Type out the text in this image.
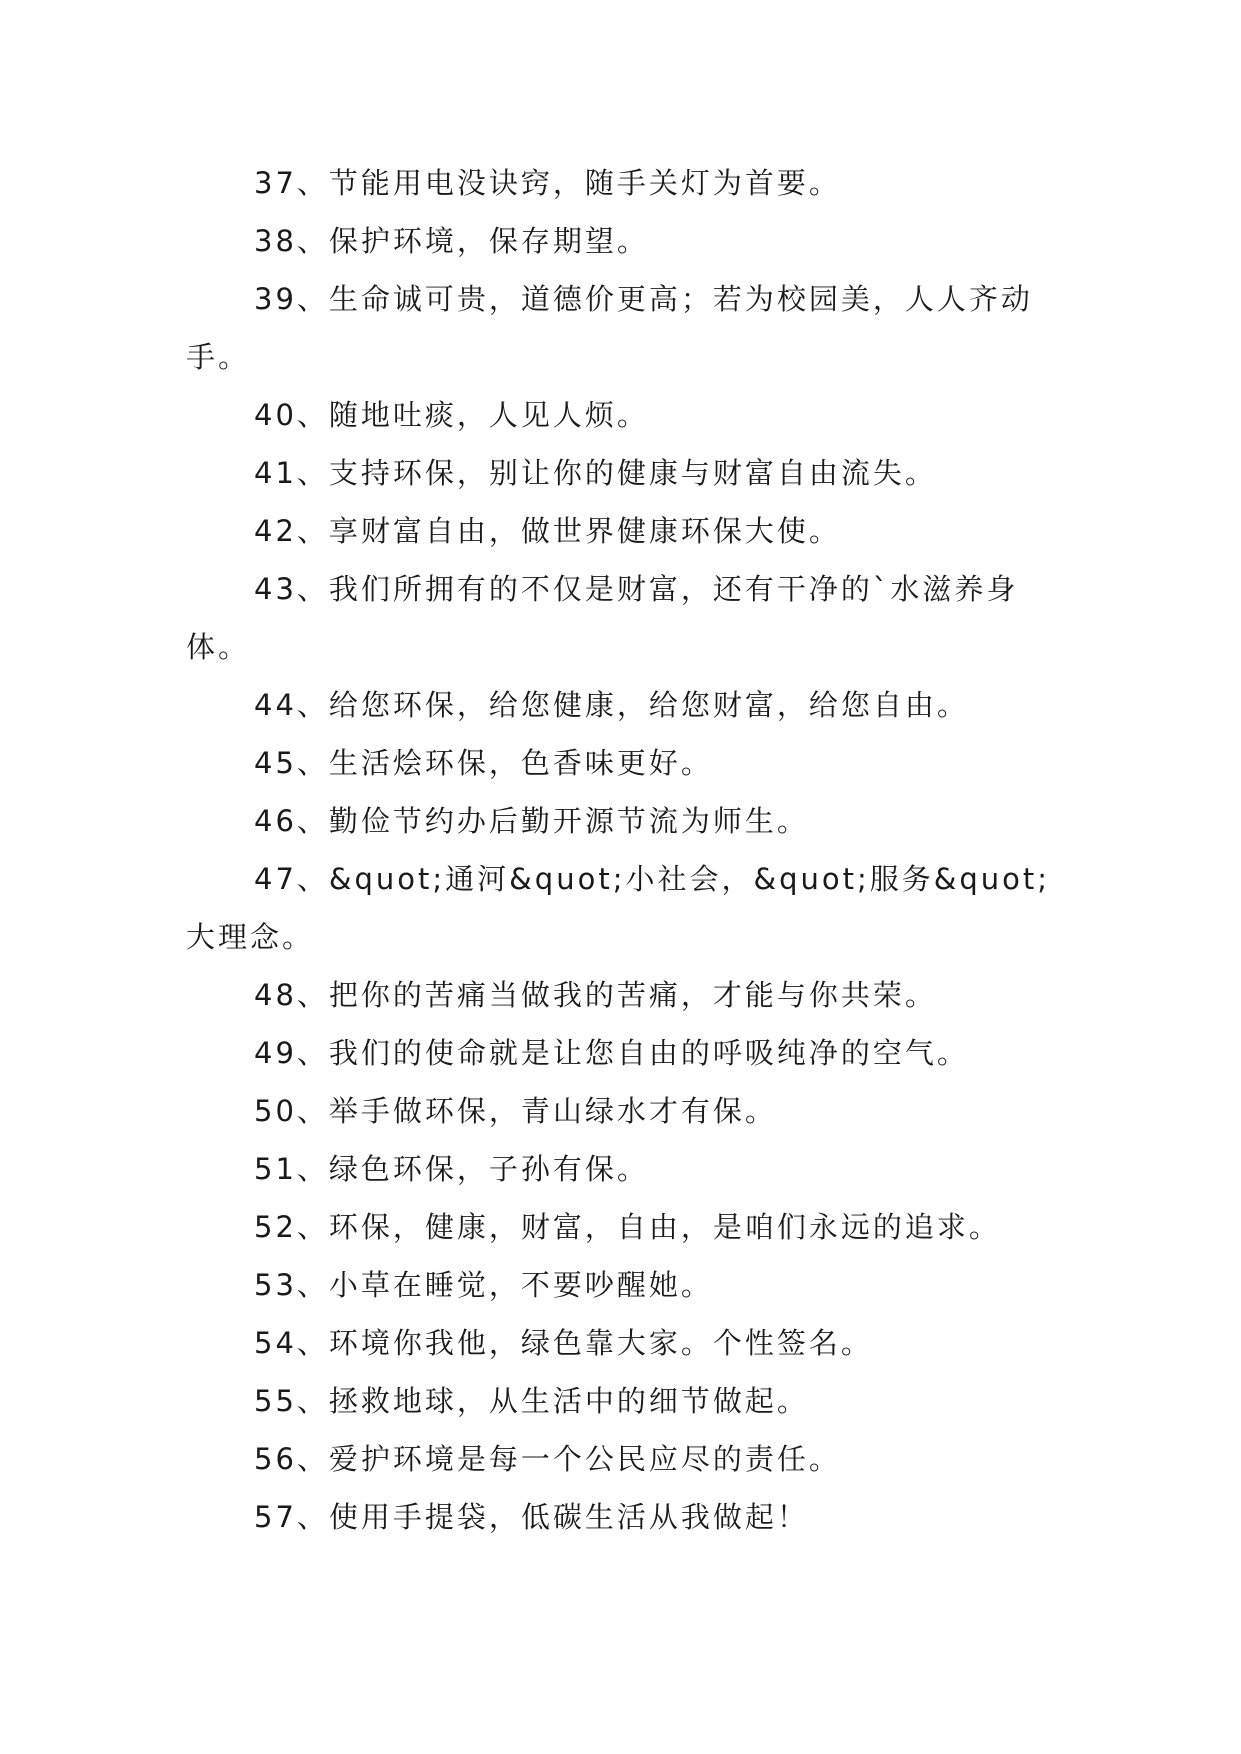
37、节能用电没诀窍，随手关灯为首要。

38、保护环境，保存期望。

39、生命诚可贵，道德价更高；若为校园美，人人齐动手。

40、随地吐痰，人见人烦。

41、支持环保，别让你的健康与财富自由流失。

42、享财富自由，做世界健康环保大使。

43、我们所拥有的不仅是财富，还有干净的`水滋养身体。

44、给您环保，给您健康，给您财富，给您自由。

45、生活烩环保，色香味更好。

46、勤俭节约办后勤开源节流为师生。

47、&quot;通河&quot;小社会，&quot;服务&quot;大理念。

48、把你的苦痛当做我的苦痛，才能与你共荣。

49、我们的使命就是让您自由的呼吸纯净的空气。

50、举手做环保，青山绿水才有保。

51、绿色环保，子孙有保。

52、环保，健康，财富，自由，是咱们永远的追求。

53、小草在睡觉，不要吵醒她。

54、环境你我他，绿色靠大家。个性签名。

55、拯救地球，从生活中的细节做起。

56、爱护环境是每一个公民应尽的责任。

57、使用手提袋，低碳生活从我做起！
